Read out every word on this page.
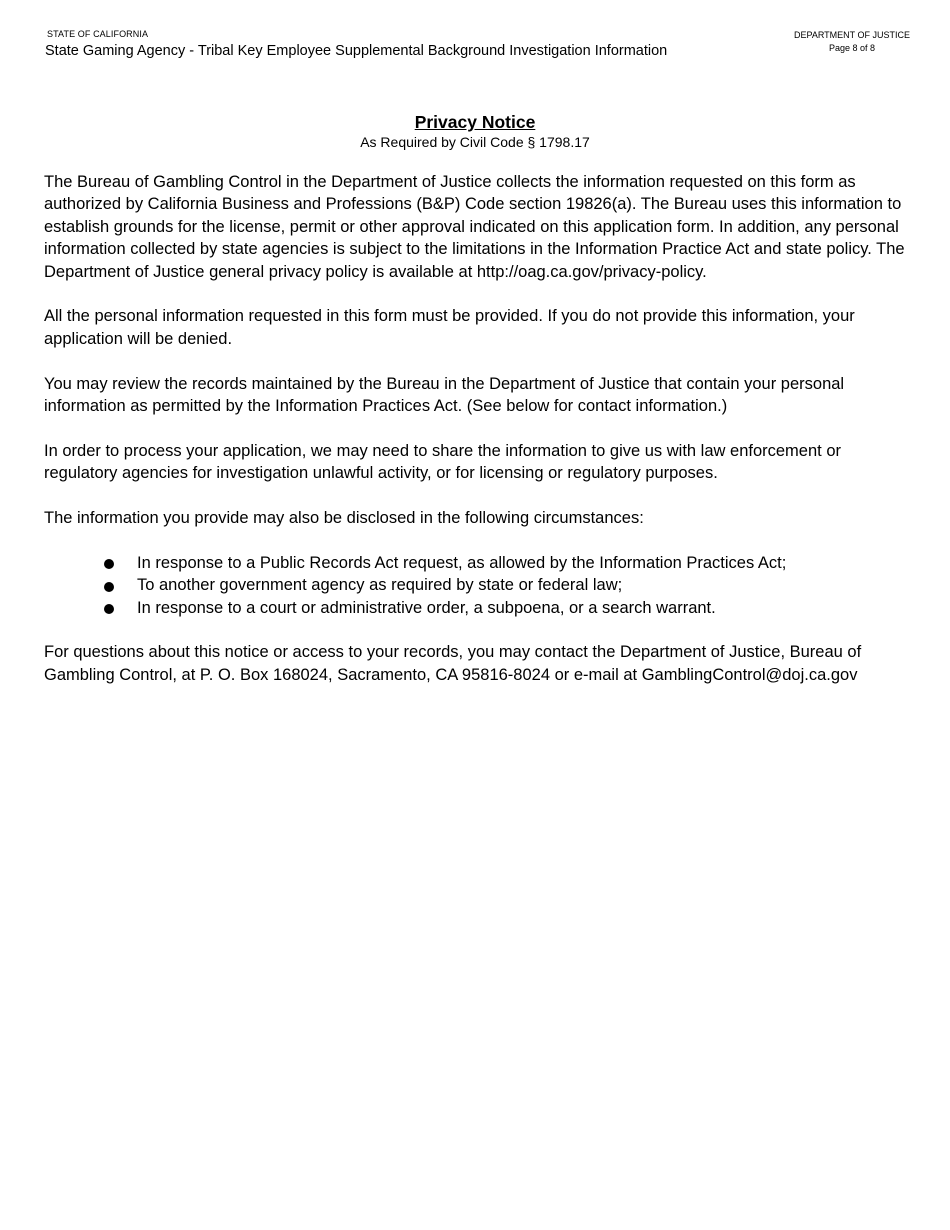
STATE OF CALIFORNIA
State Gaming Agency - Tribal Key Employee Supplemental Background Investigation Information
DEPARTMENT OF JUSTICE
Page 8 of 8
Privacy Notice
As Required by Civil Code § 1798.17

The Bureau of Gambling Control in the Department of Justice collects the information requested on this form as authorized by California Business and Professions (B&P) Code section 19826(a). The Bureau uses this information to establish grounds for the license, permit or other approval indicated on this application form. In addition, any personal information collected by state agencies is subject to the limitations in the Information Practice Act and state policy. The Department of Justice general privacy policy is available at http://oag.ca.gov/privacy-policy.

All the personal information requested in this form must be provided. If you do not provide this information, your application will be denied.

You may review the records maintained by the Bureau in the Department of Justice that contain your personal information as permitted by the Information Practices Act. (See below for contact information.)

In order to process your application, we may need to share the information to give us with law enforcement or regulatory agencies for investigation unlawful activity, or for licensing or regulatory purposes.

The information you provide may also be disclosed in the following circumstances:

In response to a Public Records Act request, as allowed by the Information Practices Act;
To another government agency as required by state or federal law;
In response to a court or administrative order, a subpoena, or a search warrant.

For questions about this notice or access to your records, you may contact the Department of Justice, Bureau of Gambling Control, at P. O. Box 168024, Sacramento, CA 95816-8024 or e-mail at GamblingControl@doj.ca.gov
